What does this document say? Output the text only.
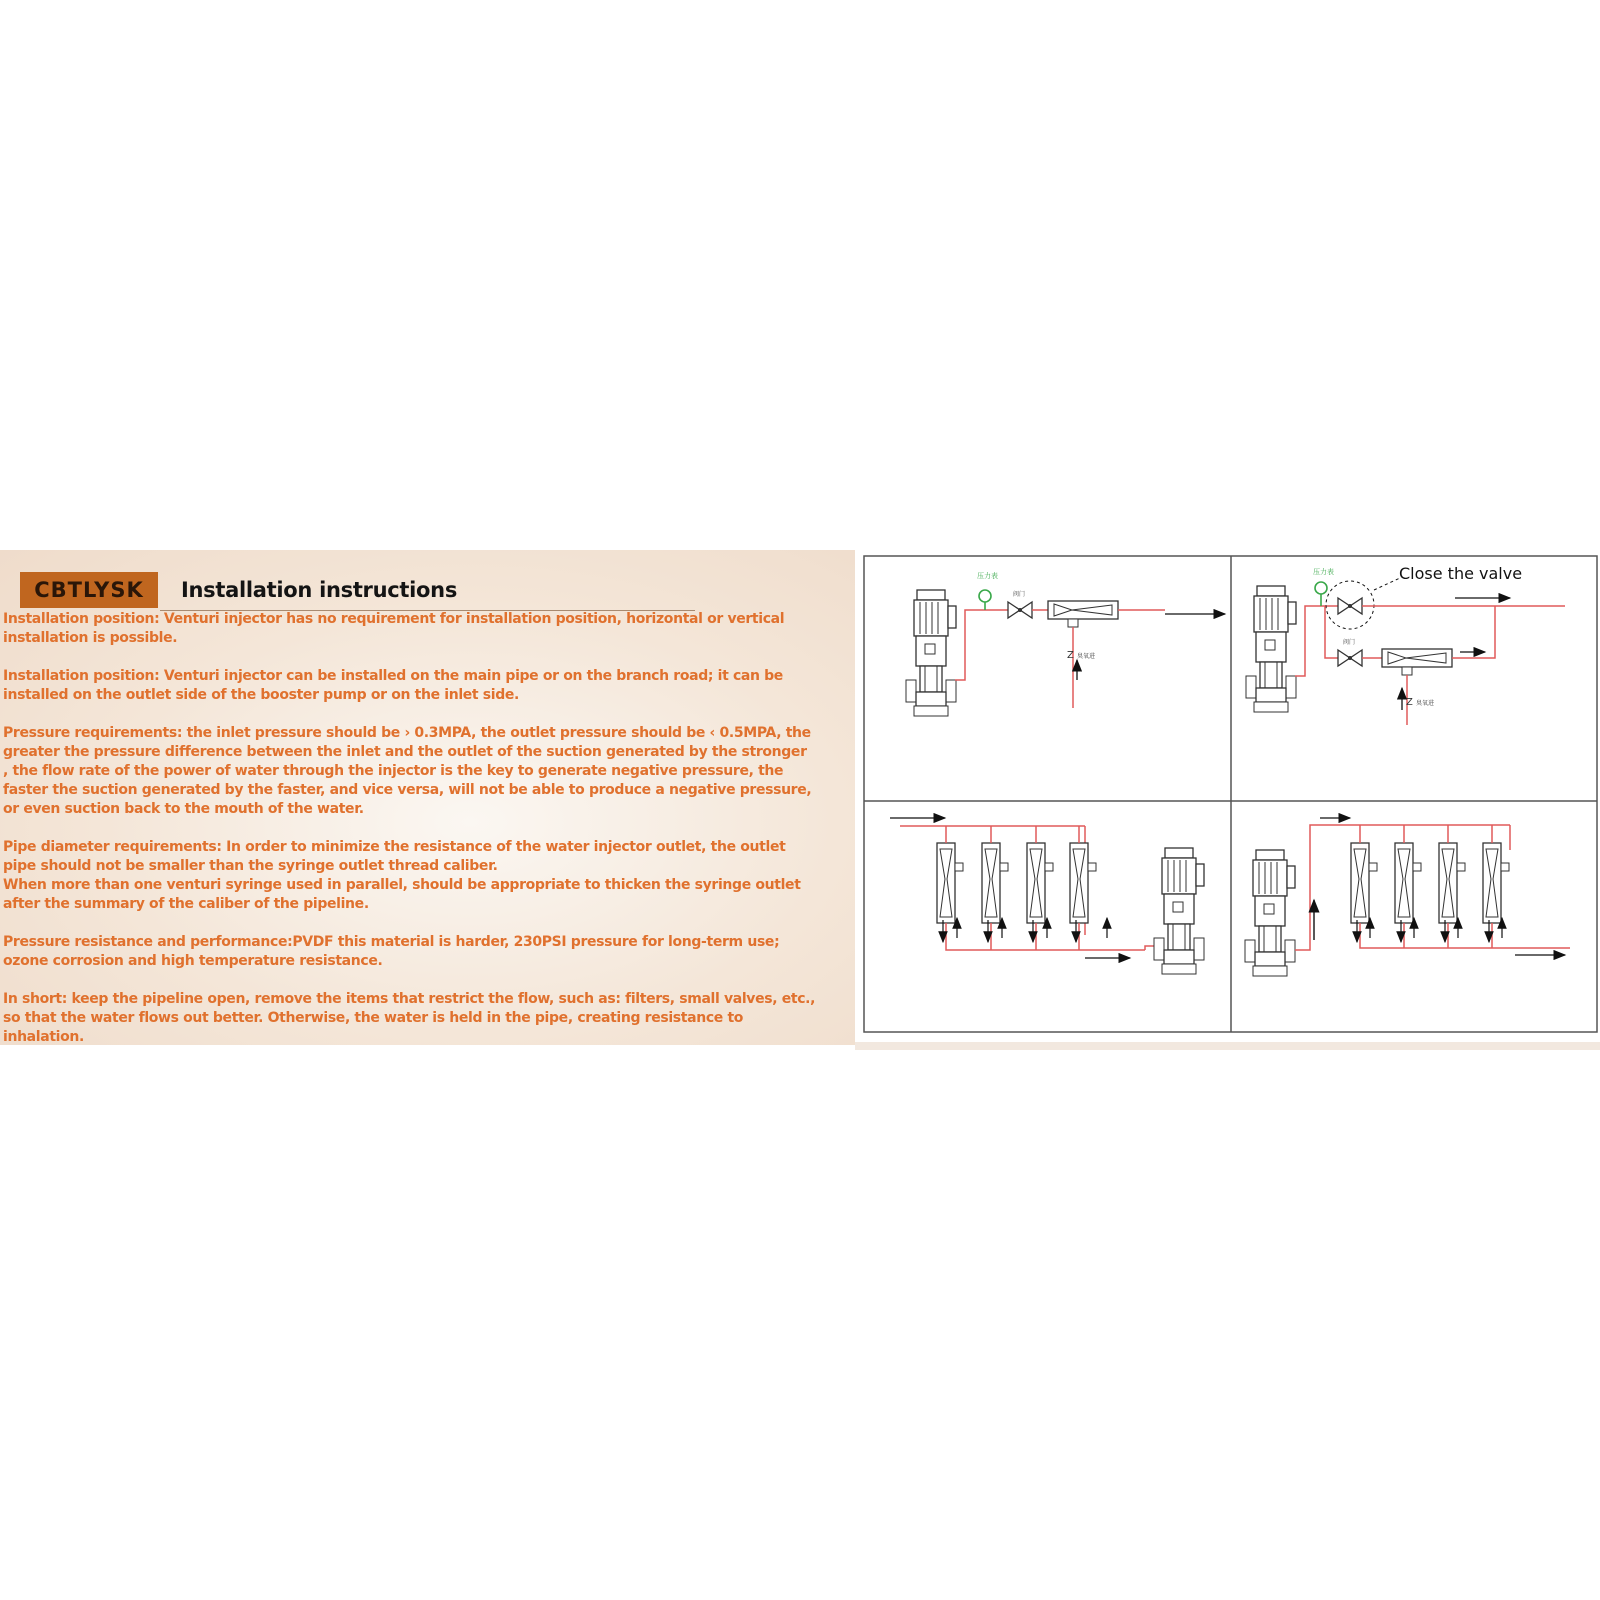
CBTLYSK	Installation instructions

Installation position: Venturi injector has no requirement for installation position, horizontal or vertical
installation is possible.

Installation position: Venturi injector can be installed on the main pipe or on the branch road; it can be
installed on the outlet side of the booster pump or on the inlet side.

Pressure requirements: the inlet pressure should be › 0.3MPA, the outlet pressure should be ‹ 0.5MPA, the
greater the pressure difference between the inlet and the outlet of the suction generated by the stronger
, the flow rate of the power of water through the injector is the key to generate negative pressure, the
faster the suction generated by the faster, and vice versa, will not be able to produce a negative pressure,
or even suction back to the mouth of the water.

Pipe diameter requirements: In order to minimize the resistance of the water injector outlet, the outlet
pipe should not be smaller than the syringe outlet thread caliber.
When more than one venturi syringe used in parallel, should be appropriate to thicken the syringe outlet
after the summary of the caliber of the pipeline.

Pressure resistance and performance:PVDF this material is harder, 230PSI pressure for long-term use;
ozone corrosion and high temperature resistance.

In short: keep the pipeline open, remove the items that restrict the flow, such as: filters, small valves, etc.,
so that the water flows out better. Otherwise, the water is held in the pipe, creating resistance to
inhalation.

压力表
阀门
Z 臭氧进
压力表
阀门
Z 臭氧进
Close the valve
